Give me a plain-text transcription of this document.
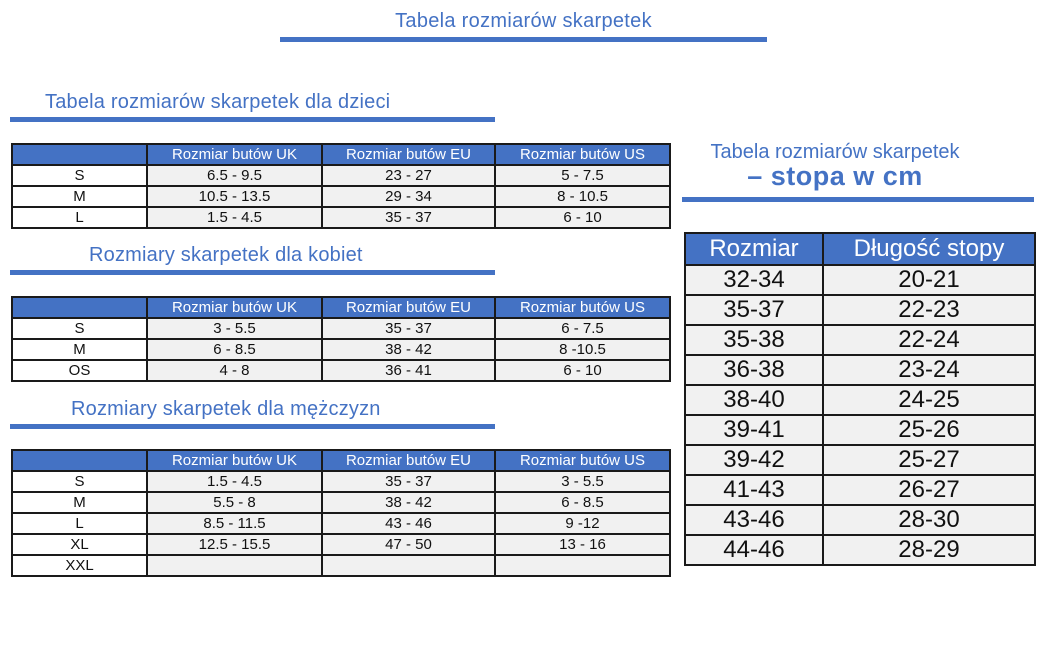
Tabela rozmiarów skarpetek
Tabela rozmiarów skarpetek dla dzieci
	Rozmiar butów UK	Rozmiar butów EU	Rozmiar butów US
S	6.5 - 9.5	23 - 27	5 - 7.5
M	10.5 - 13.5	29 - 34	8 - 10.5
L	1.5 - 4.5	35 - 37	6 - 10
Rozmiary skarpetek dla kobiet
	Rozmiar butów UK	Rozmiar butów EU	Rozmiar butów US
S	3 - 5.5	35 - 37	6 - 7.5
M	6 - 8.5	38 - 42	8 -10.5
OS	4 - 8	36 - 41	6 - 10
Rozmiary skarpetek dla mężczyzn
	Rozmiar butów UK	Rozmiar butów EU	Rozmiar butów US
S	1.5 - 4.5	35 - 37	3 - 5.5
M	5.5 - 8	38 - 42	6 - 8.5
L	8.5 - 11.5	43 - 46	9 -12
XL	12.5 - 15.5	47 - 50	13 - 16
XXL			
Tabela rozmiarów skarpetek
– stopa w cm
Rozmiar	Długość stopy
32-34	20-21
35-37	22-23
35-38	22-24
36-38	23-24
38-40	24-25
39-41	25-26
39-42	25-27
41-43	26-27
43-46	28-30
44-46	28-29
